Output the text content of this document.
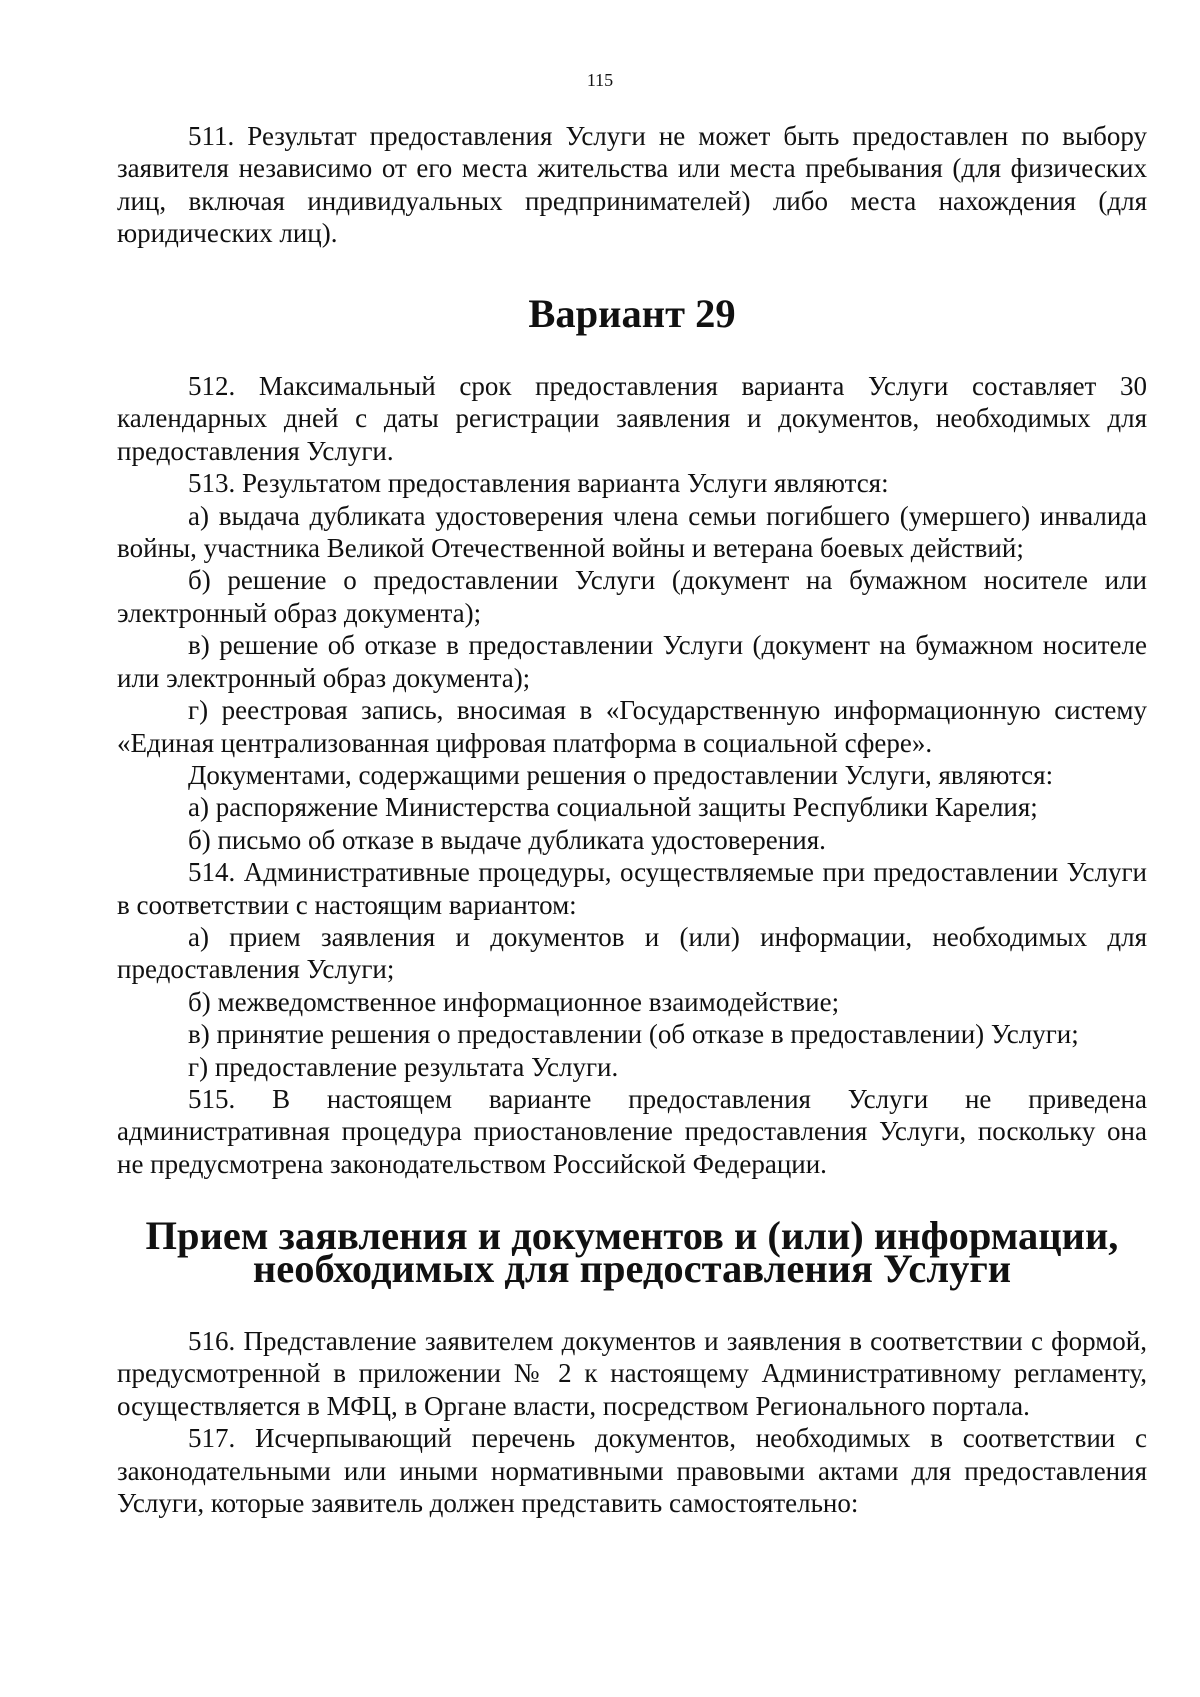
115

511. Результат предоставления Услуги не может быть предоставлен по выбору заявителя независимо от его места жительства или места пребывания (для физических лиц, включая индивидуальных предпринимателей) либо места нахождения (для юридических лиц).

Вариант 29

512. Максимальный срок предоставления варианта Услуги составляет 30 календарных дней с даты регистрации заявления и документов, необходимых для предоставления Услуги.

513. Результатом предоставления варианта Услуги являются:

а) выдача дубликата удостоверения члена семьи погибшего (умершего) инвалида войны, участника Великой Отечественной войны и ветерана боевых действий;

б) решение о предоставлении Услуги (документ на бумажном носителе или электронный образ документа);

в) решение об отказе в предоставлении Услуги (документ на бумажном носителе или электронный образ документа);

г) реестровая запись, вносимая в «Государственную информационную систему «Единая централизованная цифровая платформа в социальной сфере».

Документами, содержащими решения о предоставлении Услуги, являются:

а) распоряжение Министерства социальной защиты Республики Карелия;

б) письмо об отказе в выдаче дубликата удостоверения.

514. Административные процедуры, осуществляемые при предоставлении Услуги в соответствии с настоящим вариантом:

а) прием заявления и документов и (или) информации, необходимых для предоставления Услуги;

б) межведомственное информационное взаимодействие;

в) принятие решения о предоставлении (об отказе в предоставлении) Услуги;

г) предоставление результата Услуги.

515. В настоящем варианте предоставления Услуги не приведена административная процедура приостановление предоставления Услуги, поскольку она не предусмотрена законодательством Российской Федерации.

Прием заявления и документов и (или) информации, необходимых для предоставления Услуги

516. Представление заявителем документов и заявления в соответствии с формой, предусмотренной в приложении № 2 к настоящему Административному регламенту, осуществляется в МФЦ, в Органе власти, посредством Регионального портала.

517. Исчерпывающий перечень документов, необходимых в соответствии с законодательными или иными нормативными правовыми актами для предоставления Услуги, которые заявитель должен представить самостоятельно:
